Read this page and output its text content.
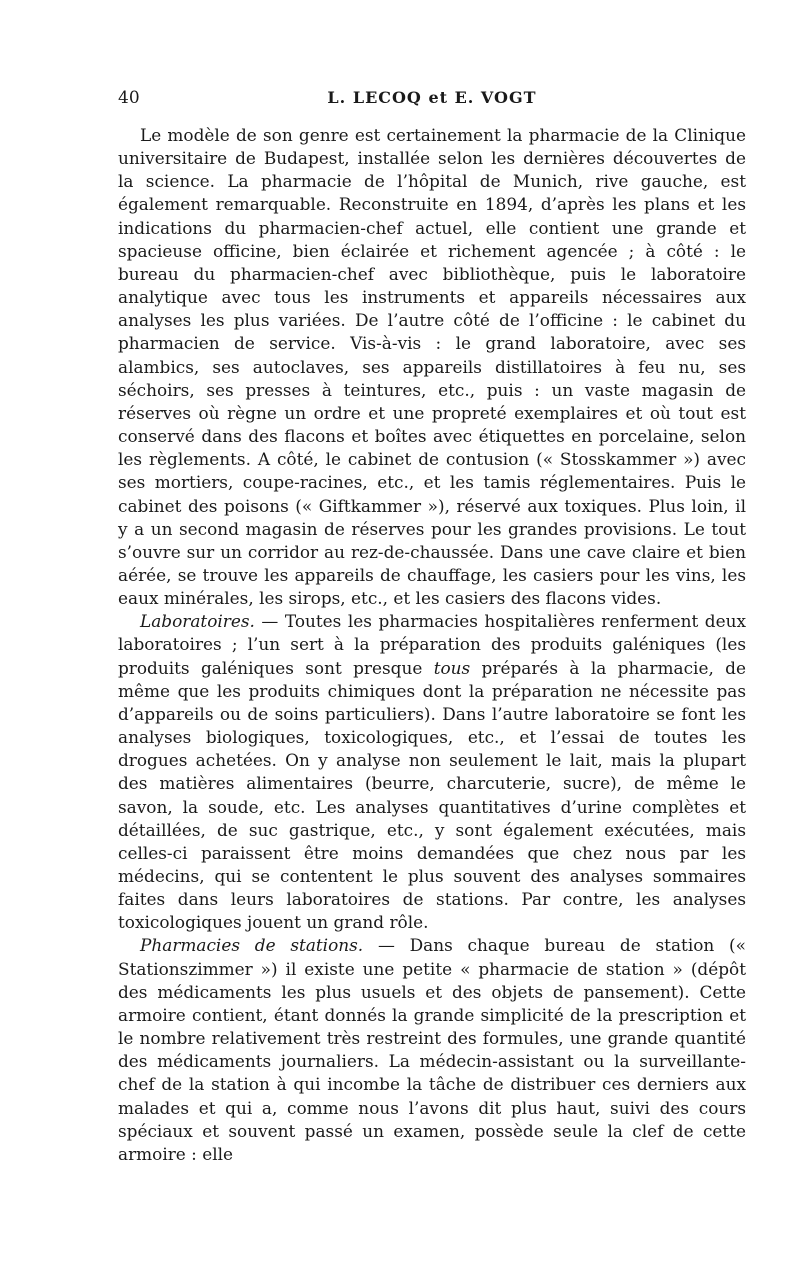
40	L. LECOQ et E. VOGT

Le modèle de son genre est certainement la pharmacie de la Clinique universitaire de Budapest, installée selon les dernières découvertes de la science. La pharmacie de l’hôpital de Munich, rive gauche, est également remarquable. Reconstruite en 1894, d’après les plans et les indications du pharmacien-chef actuel, elle contient une grande et spacieuse officine, bien éclairée et richement agencée ; à côté : le bureau du pharmacien-chef avec bibliothèque, puis le laboratoire analytique avec tous les instruments et appareils nécessaires aux analyses les plus variées. De l’autre côté de l’officine : le cabinet du pharmacien de service. Vis-à-vis : le grand laboratoire, avec ses alambics, ses autoclaves, ses appareils distillatoires à feu nu, ses séchoirs, ses presses à teintures, etc., puis : un vaste magasin de réserves où règne un ordre et une propreté exemplaires et où tout est conservé dans des flacons et boîtes avec étiquettes en porcelaine, selon les règlements. A côté, le cabinet de contusion (« Stosskammer ») avec ses mortiers, coupe-racines, etc., et les tamis réglementaires. Puis le cabinet des poisons (« Giftkammer »), réservé aux toxiques. Plus loin, il y a un second magasin de réserves pour les grandes provisions. Le tout s’ouvre sur un corridor au rez-de-chaussée. Dans une cave claire et bien aérée, se trouve les appareils de chauffage, les casiers pour les vins, les eaux minérales, les sirops, etc., et les casiers des flacons vides.

Laboratoires. — Toutes les pharmacies hospitalières renferment deux laboratoires ; l’un sert à la préparation des produits galéniques (les produits galéniques sont presque tous préparés à la pharmacie, de même que les produits chimiques dont la préparation ne nécessite pas d’appareils ou de soins particuliers). Dans l’autre laboratoire se font les analyses biologiques, toxicologiques, etc., et l’essai de toutes les drogues achetées. On y analyse non seulement le lait, mais la plupart des matières alimentaires (beurre, charcuterie, sucre), de même le savon, la soude, etc. Les analyses quantitatives d’urine complètes et détaillées, de suc gastrique, etc., y sont également exécutées, mais celles-ci paraissent être moins demandées que chez nous par les médecins, qui se contentent le plus souvent des analyses sommaires faites dans leurs laboratoires de stations. Par contre, les analyses toxicologiques jouent un grand rôle.

Pharmacies de stations. — Dans chaque bureau de station (« Stationszimmer ») il existe une petite « pharmacie de station » (dépôt des médicaments les plus usuels et des objets de pansement). Cette armoire contient, étant donnés la grande simplicité de la prescription et le nombre relativement très restreint des formules, une grande quantité des médicaments journaliers. La médecin-assistant ou la surveillante-chef de la station à qui incombe la tâche de distribuer ces derniers aux malades et qui a, comme nous l’avons dit plus haut, suivi des cours spéciaux et souvent passé un examen, possède seule la clef de cette armoire : elle
